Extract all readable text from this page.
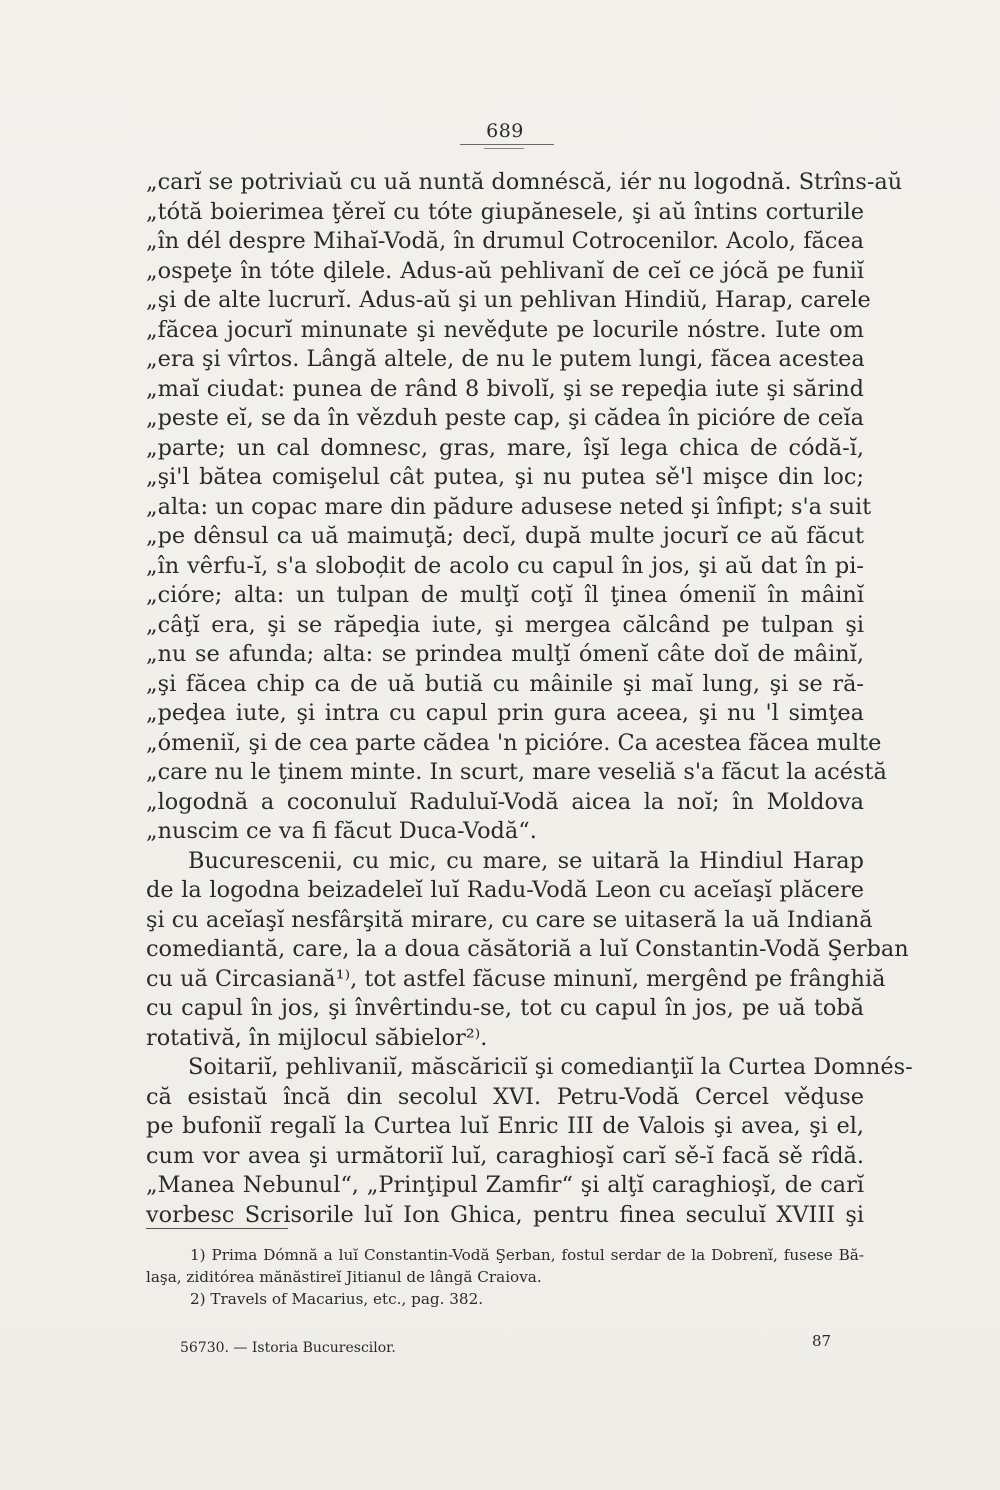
689
„carĭ se potriviaŭ cu uă nuntă domnéscă, iér nu logodnă. Strîns-aŭ
„tótă boierimea ţěreĭ cu tóte giupănesele, şi aŭ întins corturile
„în dél despre Mihaĭ-Vodă, în drumul Cotrocenilor. Acolo, făcea
„ospeţe în tóte ḑilele. Adus-aŭ pehlivanĭ de ceĭ ce jócă pe funiĭ
„şi de alte lucrurĭ. Adus-aŭ şi un pehlivan Hindiŭ, Harap, carele
„făcea jocurĭ minunate şi nevěḑute pe locurile nóstre. Iute om
„era şi vîrtos. Lângă altele, de nu le putem lungi, făcea acestea
„maĭ ciudat: punea de rând 8 bivolĭ, şi se repeḑia iute şi sărind
„peste eĭ, se da în vězduh peste cap, şi cădea în picióre de ceĭa
„parte; un cal domnesc, gras, mare, îşĭ lega chica de códă-ĭ,
„şi'l bătea comişelul cât putea, şi nu putea sě'l mişce din loc;
„alta: un copac mare din pădure adusese neted şi înfipt; s'a suit
„pe dênsul ca uă maimuţă; decĭ, după multe jocurĭ ce aŭ făcut
„în vêrfu-ĭ, s'a slobod̦it de acolo cu capul în jos, şi aŭ dat în pi-
„cióre; alta: un tulpan de mulţĭ coţĭ îl ţinea ómeniĭ în mâinĭ
„câţĭ era, şi se răpeḑia iute, şi mergea călcând pe tulpan şi
„nu se afunda; alta: se prindea mulţĭ ómenĭ câte doĭ de mâinĭ,
„şi făcea chip ca de uă butiă cu mâinile şi maĭ lung, şi se ră-
„peḑea iute, şi intra cu capul prin gura aceea, şi nu 'l simţea
„ómeniĭ, şi de cea parte cădea 'n picióre. Ca acestea făcea multe
„care nu le ţinem minte. In scurt, mare veseliă s'a făcut la acéstă
„logodnă a coconuluĭ Raduluĭ-Vodă aicea la noĭ; în Moldova
„nuscim ce va fi făcut Duca-Vodă“.
Bucurescenii, cu mic, cu mare, se uitară la Hindiul Harap
de la logodna beizadeleĭ luĭ Radu-Vodă Leon cu aceĭaşĭ plăcere
şi cu aceĭaşĭ nesfârşită mirare, cu care se uitaseră la uă Indiană
comediantă, care, la a doua căsătoriă a luĭ Constantin-Vodă Şerban
cu uă Circasiană¹⁾, tot astfel făcuse minunĭ, mergênd pe frânghiă
cu capul în jos, şi învêrtindu-se, tot cu capul în jos, pe uă tobă
rotativă, în mijlocul săbielor²⁾.
Soitariĭ, pehlivaniĭ, măscăriciĭ şi comedianţiĭ la Curtea Domnés-
că esistaŭ încă din secolul XVI. Petru-Vodă Cercel věḑuse
pe bufoniĭ regalĭ la Curtea luĭ Enric III de Valois şi avea, şi el,
cum vor avea şi următoriĭ luĭ, caraghioşĭ carĭ sě-ĭ facă sě rîdă.
„Manea Nebunul“, „Prinţipul Zamfir“ şi alţĭ caraghioşĭ, de carĭ
vorbesc Scrisorile luĭ Ion Ghica, pentru finea seculuĭ XVIII şi
1) Prima Dómnă a luĭ Constantin-Vodă Şerban, fostul serdar de la Dobrenĭ, fusese Bă-
laşa, ziditórea mănăstireĭ Jitianul de lângă Craiova.
2) Travels of Macarius, etc., pag. 382.
56730. — Istoria Bucurescilor.	87
